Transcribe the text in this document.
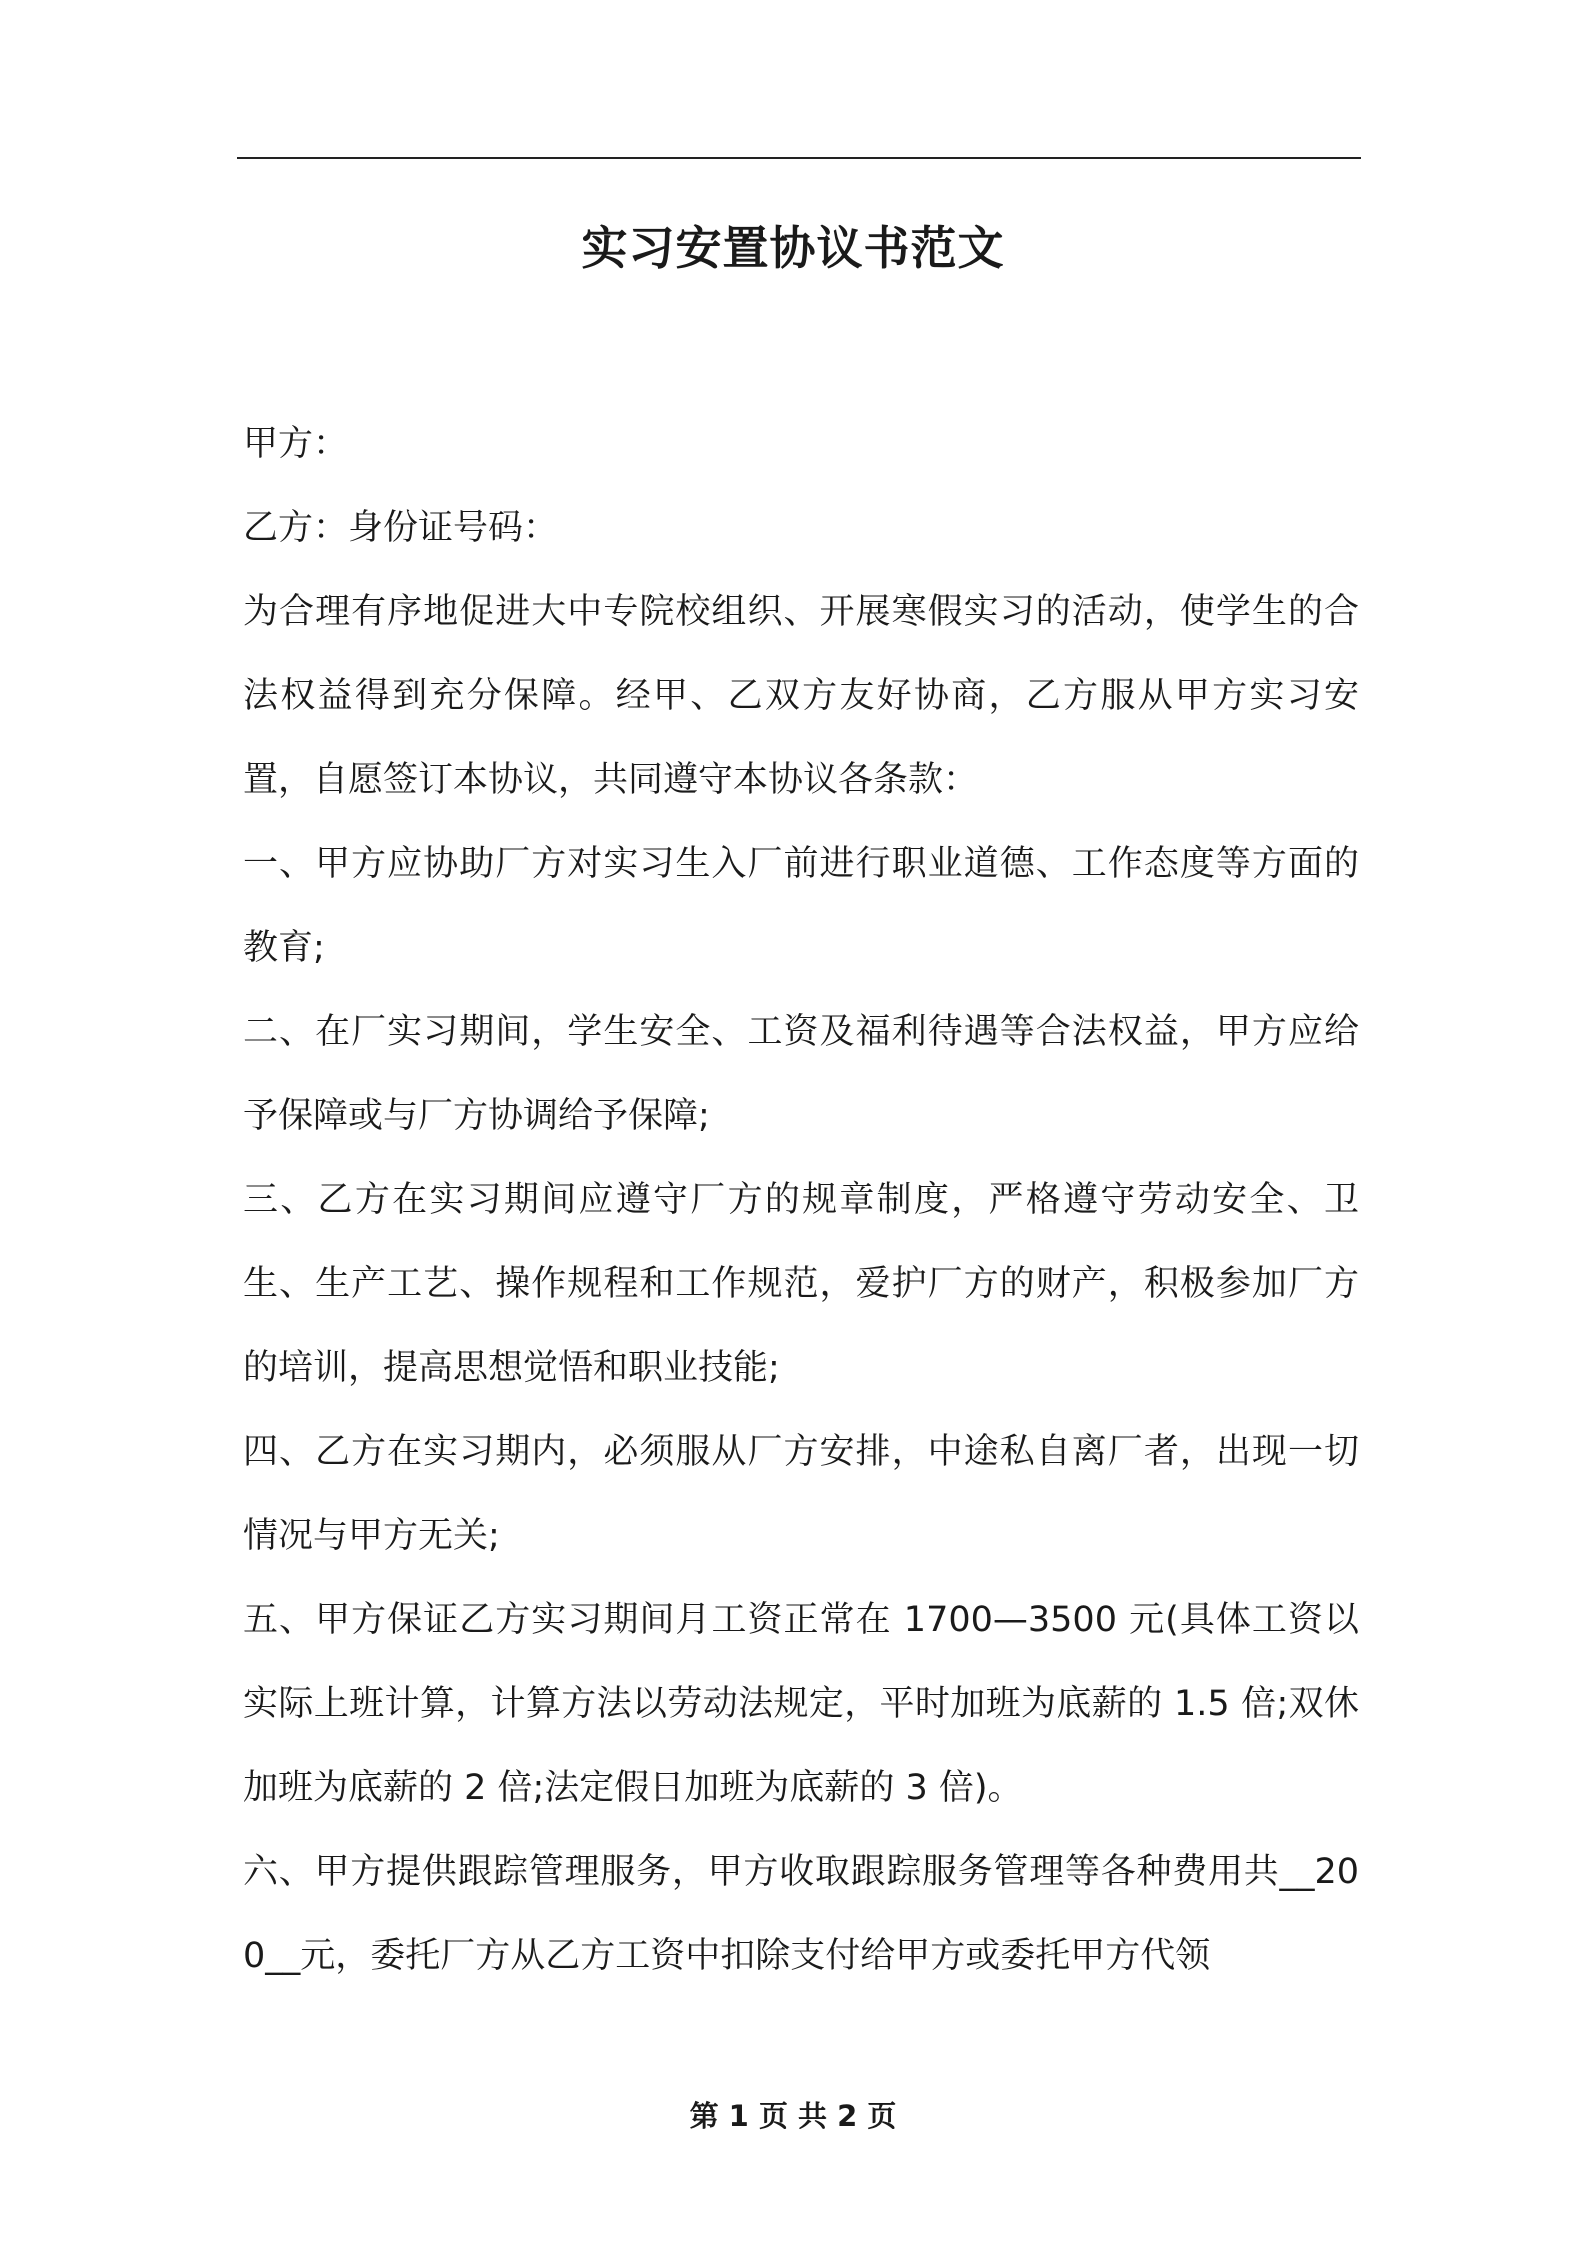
实习安置协议书范文

甲方：

乙方：身份证号码：

为合理有序地促进大中专院校组织、开展寒假实习的活动，使学生的合法权益得到充分保障。经甲、乙双方友好协商，乙方服从甲方实习安置，自愿签订本协议，共同遵守本协议各条款：

一、甲方应协助厂方对实习生入厂前进行职业道德、工作态度等方面的教育;

二、在厂实习期间，学生安全、工资及福利待遇等合法权益，甲方应给予保障或与厂方协调给予保障;

三、乙方在实习期间应遵守厂方的规章制度，严格遵守劳动安全、卫生、生产工艺、操作规程和工作规范，爱护厂方的财产，积极参加厂方的培训，提高思想觉悟和职业技能;

四、乙方在实习期内，必须服从厂方安排，中途私自离厂者，出现一切情况与甲方无关;

五、甲方保证乙方实习期间月工资正常在 1700—3500 元(具体工资以实际上班计算，计算方法以劳动法规定，平时加班为底薪的 1.5 倍;双休加班为底薪的 2 倍;法定假日加班为底薪的 3 倍)。

六、甲方提供跟踪管理服务，甲方收取跟踪服务管理等各种费用共__200__元，委托厂方从乙方工资中扣除支付给甲方或委托甲方代领

第 1 页 共 2 页
